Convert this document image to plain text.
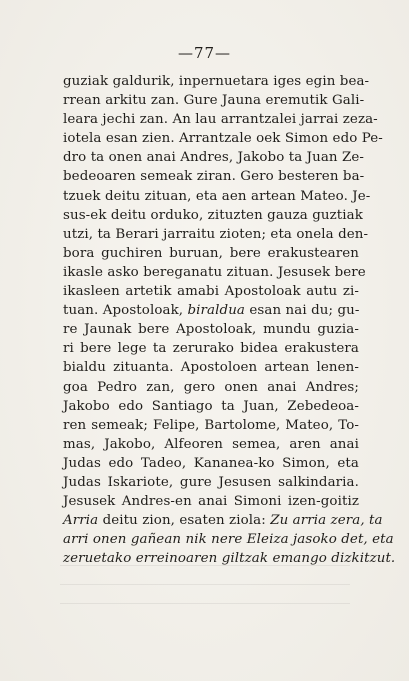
—77—
guziak galdurik, inpernuetara iges egin bea-
rrean arkitu zan. Gure Jauna eremutik Gali-
leara jechi zan. An lau arrantzalei jarrai zeza-
iotela esan zien. Arrantzale oek Simon edo Pe-
dro ta onen anai Andres, Jakobo ta Juan Ze-
bedeoaren semeak ziran. Gero besteren ba-
tzuek deitu zituan, eta aen artean Mateo. Je-
sus-ek deitu orduko, zituzten gauza guztiak
utzi, ta Berari jarraitu zioten; eta onela den-
bora guchiren buruan, bere erakustearen
ikasle asko bereganatu zituan. Jesusek bere
ikasleen artetik amabi Apostoloak autu zi-
tuan. Apostoloak, biraldua esan nai du; gu-
re Jaunak bere Apostoloak, mundu guzia-
ri bere lege ta zerurako bidea erakustera
bialdu zituanta. Apostoloen artean lenen-
goa Pedro zan, gero onen anai Andres;
Jakobo edo Santiago ta Juan, Zebedeoa-
ren semeak; Felipe, Bartolome, Mateo, To-
mas, Jakobo, Alfeoren semea, aren anai
Judas edo Tadeo, Kananea-ko Simon, eta
Judas Iskariote, gure Jesusen salkindaria.
Jesusek Andres-en anai Simoni izen-goitiz
Arria deitu zion, esaten ziola: Zu arria zera, ta
arri onen gañean nik nere Eleiza jasoko det, eta
zeruetako erreinoaren giltzak emango dizkitzut.
